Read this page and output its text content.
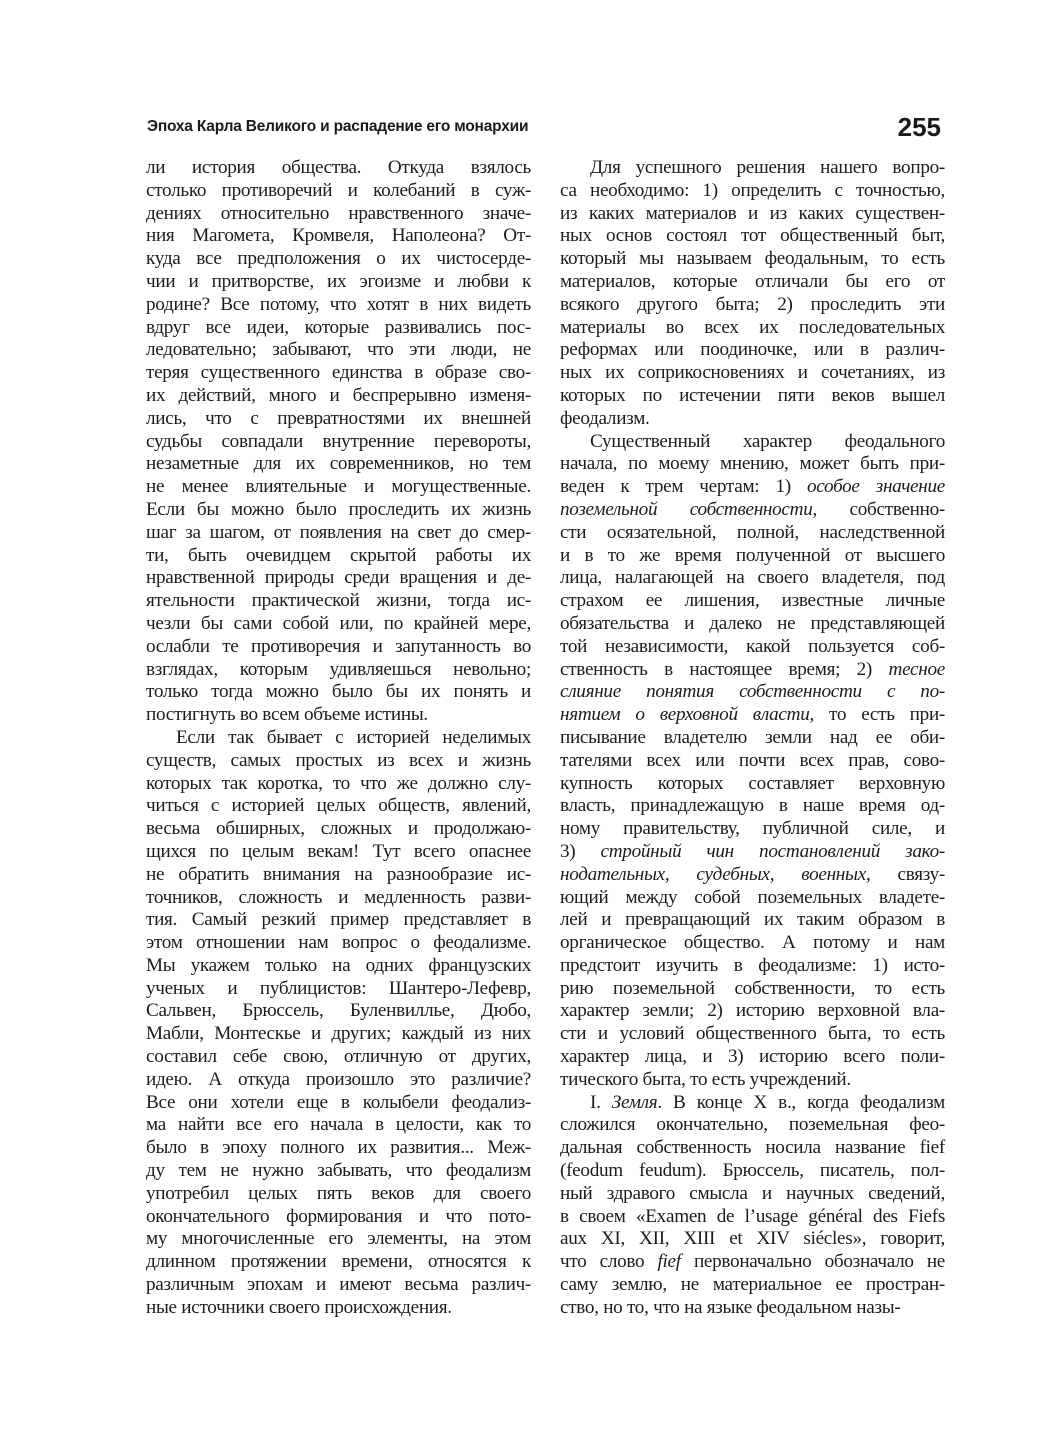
Эпоха Карла Великого и распадение его монархии	255
ли история общества. Откуда взялось
столько противоречий и колебаний в суж-
дениях относительно нравственного значе-
ния Магомета, Кромвеля, Наполеона? От-
куда все предположения о их чистосерде-
чии и притворстве, их эгоизме и любви к
родине? Все потому, что хотят в них видеть
вдруг все идеи, которые развивались пос-
ледовательно; забывают, что эти люди, не
теряя существенного единства в образе сво-
их действий, много и беспрерывно изменя-
лись, что с превратностями их внешней
судьбы совпадали внутренние перевороты,
незаметные для их современников, но тем
не менее влиятельные и могущественные.
Если бы можно было проследить их жизнь
шаг за шагом, от появления на свет до смер-
ти, быть очевидцем скрытой работы их
нравственной природы среди вращения и де-
ятельности практической жизни, тогда ис-
чезли бы сами собой или, по крайней мере,
ослабли те противоречия и запутанность во
взглядах, которым удивляешься невольно;
только тогда можно было бы их понять и
постигнуть во всем объеме истины.
Если так бывает с историей неделимых
существ, самых простых из всех и жизнь
которых так коротка, то что же должно слу-
читься с историей целых обществ, явлений,
весьма обширных, сложных и продолжаю-
щихся по целым векам! Тут всего опаснее
не обратить внимания на разнообразие ис-
точников, сложность и медленность разви-
тия. Самый резкий пример представляет в
этом отношении нам вопрос о феодализме.
Мы укажем только на одних французских
ученых и публицистов: Шантеро-Лефевр,
Сальвен, Брюссель, Буленвиллье, Дюбо,
Мабли, Монтескье и других; каждый из них
составил себе свою, отличную от других,
идею. А откуда произошло это различие?
Все они хотели еще в колыбели феодализ-
ма найти все его начала в целости, как то
было в эпоху полного их развития... Меж-
ду тем не нужно забывать, что феодализм
употребил целых пять веков для своего
окончательного формирования и что пото-
му многочисленные его элементы, на этом
длинном протяжении времени, относятся к
различным эпохам и имеют весьма различ-
ные источники своего происхождения.
Для успешного решения нашего вопро-
са необходимо: 1) определить с точностью,
из каких материалов и из каких существен-
ных основ состоял тот общественный быт,
который мы называем феодальным, то есть
материалов, которые отличали бы его от
всякого другого быта; 2) проследить эти
материалы во всех их последовательных
реформах или поодиночке, или в различ-
ных их соприкосновениях и сочетаниях, из
которых по истечении пяти веков вышел
феодализм.
Существенный характер феодального
начала, по моему мнению, может быть при-
веден к трем чертам: 1) особое значение
поземельной собственности, собственно-
сти осязательной, полной, наследственной
и в то же время полученной от высшего
лица, налагающей на своего владетеля, под
страхом ее лишения, известные личные
обязательства и далеко не представляющей
той независимости, какой пользуется соб-
ственность в настоящее время; 2) тесное
слияние понятия собственности с по-
нятием о верховной власти, то есть при-
писывание владетелю земли над ее оби-
тателями всех или почти всех прав, сово-
купность которых составляет верховную
власть, принадлежащую в наше время од-
ному правительству, публичной силе, и
3) стройный чин постановлений зако-
нодательных, судебных, военных, связу-
ющий между собой поземельных владете-
лей и превращающий их таким образом в
органическое общество. А потому и нам
предстоит изучить в феодализме: 1) исто-
рию поземельной собственности, то есть
характер земли; 2) историю верховной вла-
сти и условий общественного быта, то есть
характер лица, и 3) историю всего поли-
тического быта, то есть учреждений.
I. Земля. В конце X в., когда феодализм
сложился окончательно, поземельная фео-
дальная собственность носила название fief
(feodum feudum). Брюссель, писатель, пол-
ный здравого смысла и научных сведений,
в своем «Examen de l’usage général des Fiefs
aux XI, XII, XIII et XIV siécles», говорит,
что слово fief первоначально обозначало не
саму землю, не материальное ее простран-
ство, но то, что на языке феодальном назы-
